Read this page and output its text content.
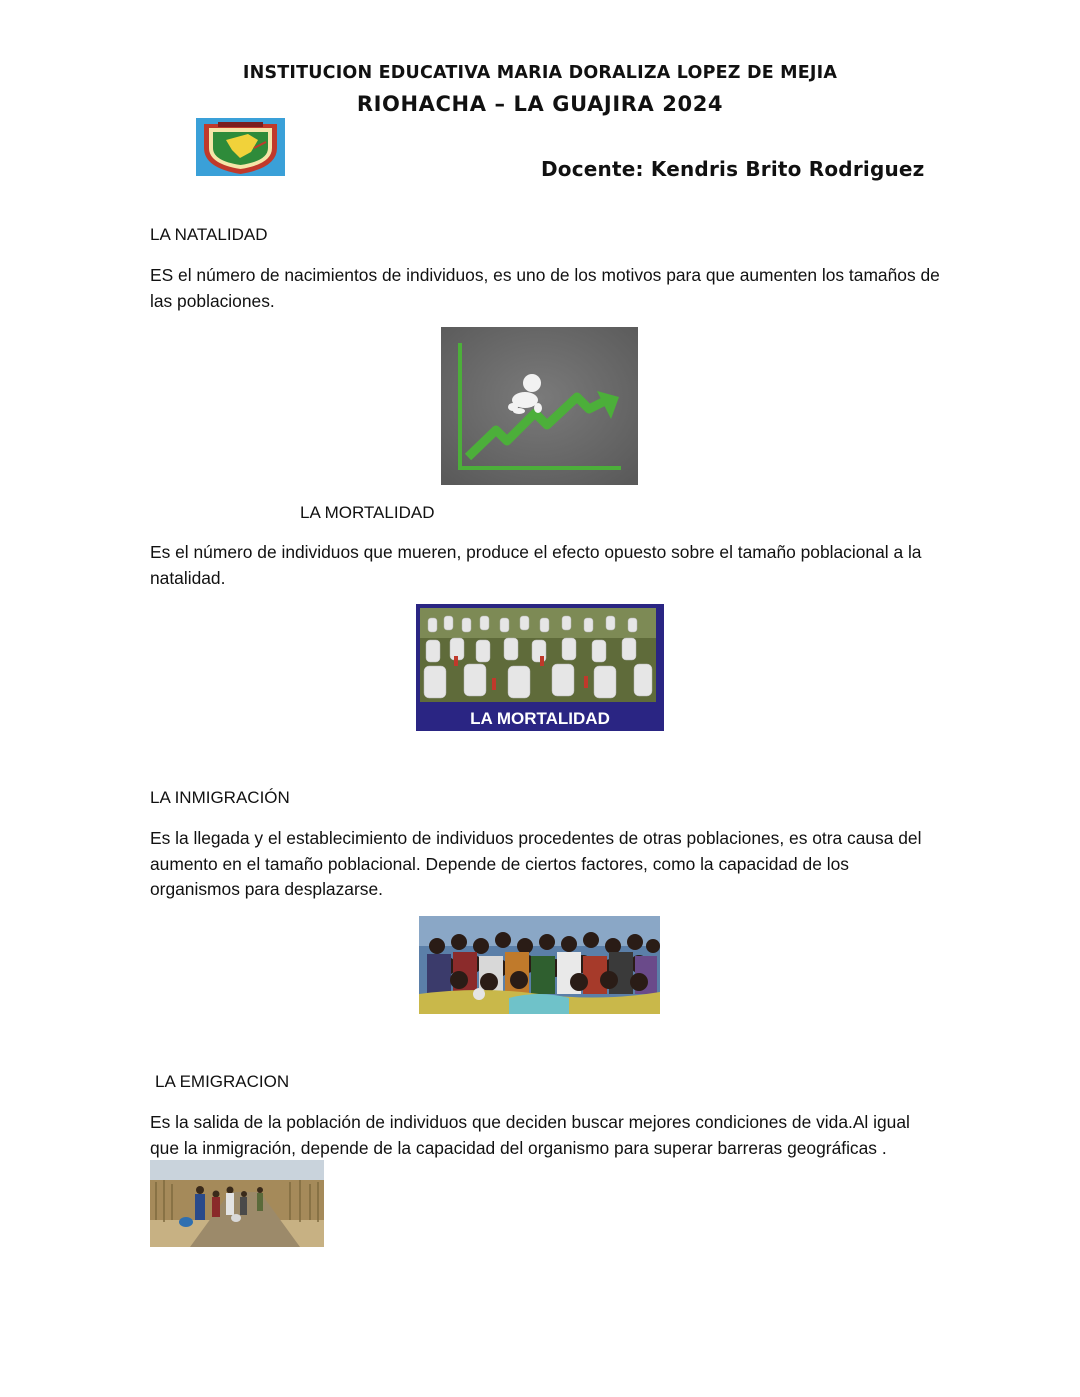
INSTITUCION EDUCATIVA MARIA DORALIZA LOPEZ DE MEJIA
RIOHACHA – LA GUAJIRA 2024
Docente: Kendris Brito Rodriguez
LA NATALIDAD
ES el número de nacimientos de individuos, es uno de los motivos para que aumenten los tamaños de las poblaciones.
LA MORTALIDAD
Es el número de individuos que mueren, produce el efecto opuesto sobre el tamaño poblacional a la natalidad.
LA MORTALIDAD
LA INMIGRACIÓN
Es la llegada y el establecimiento de individuos procedentes de otras poblaciones, es otra causa del aumento en el tamaño poblacional. Depende de ciertos factores, como la capacidad de los organismos para desplazarse.
LA EMIGRACION
Es la salida de la población de individuos que deciden buscar mejores condiciones de vida.Al igual que la inmigración, depende de la capacidad del organismo para superar barreras geográficas .
